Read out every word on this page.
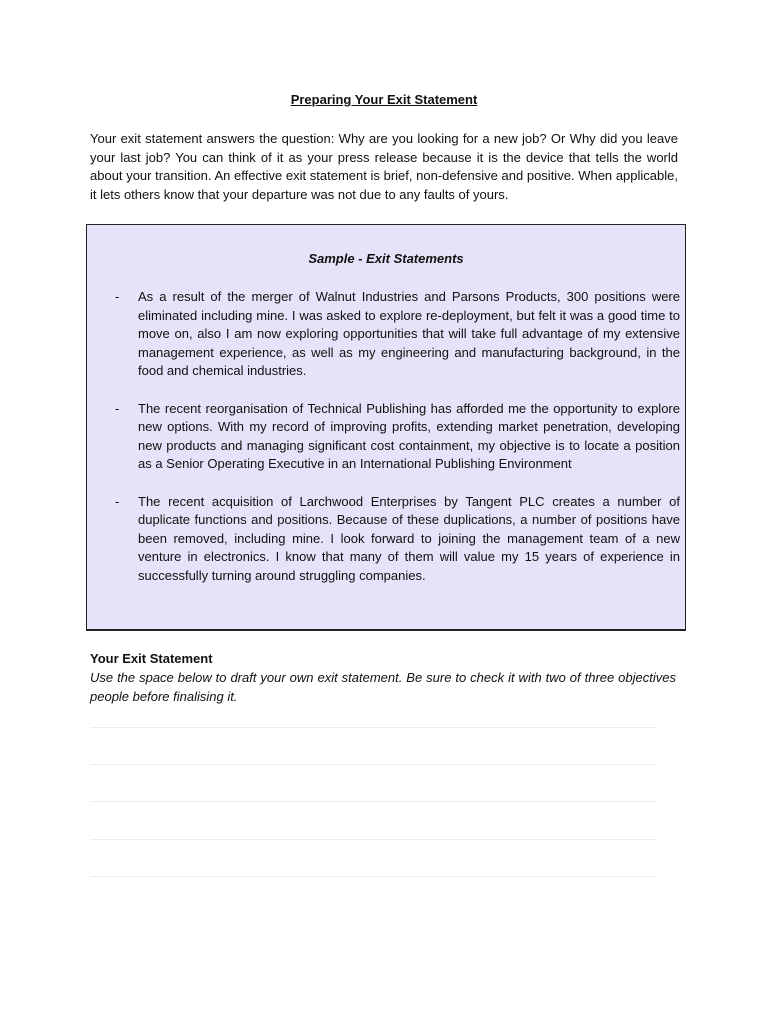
Preparing Your Exit Statement

Your exit statement answers the question: Why are you looking for a new job? Or Why did you leave your last job? You can think of it as your press release because it is the device that tells the world about your transition. An effective exit statement is brief, non-defensive and positive. When applicable, it lets others know that your departure was not due to any faults of yours.

Sample - Exit Statements
- As a result of the merger of Walnut Industries and Parsons Products, 300 positions were eliminated including mine. I was asked to explore re-deployment, but felt it was a good time to move on, also I am now exploring opportunities that will take full advantage of my extensive management experience, as well as my engineering and manufacturing background, in the food and chemical industries.
- The recent reorganisation of Technical Publishing has afforded me the opportunity to explore new options. With my record of improving profits, extending market penetration, developing new products and managing significant cost containment, my objective is to locate a position as a Senior Operating Executive in an International Publishing Environment
- The recent acquisition of Larchwood Enterprises by Tangent PLC creates a number of duplicate functions and positions. Because of these duplications, a number of positions have been removed, including mine. I look forward to joining the management team of a new venture in electronics. I know that many of them will value my 15 years of experience in successfully turning around struggling companies.
Your Exit Statement

Use the space below to draft your own exit statement. Be sure to check it with two of three objectives people before finalising it.
